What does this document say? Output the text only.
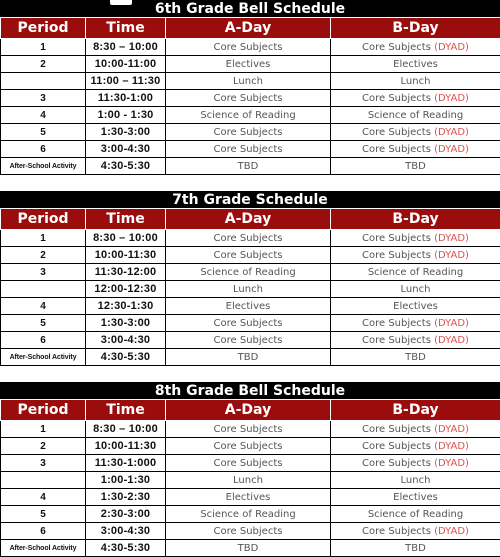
6th Grade Bell Schedule
Period	Time	A-Day	B-Day
1	8:30 – 10:00	Core Subjects	Core Subjects (DYAD)
2	10:00-11:00	Electives	Electives
	11:00 – 11:30	Lunch	Lunch
3	11:30-1:00	Core Subjects	Core Subjects (DYAD)
4	1:00 - 1:30	Science of Reading	Science of Reading
5	1:30-3:00	Core Subjects	Core Subjects (DYAD)
6	3:00-4:30	Core Subjects	Core Subjects (DYAD)
After-School Activity	4:30-5:30	TBD	TBD
7th Grade Schedule
Period	Time	A-Day	B-Day
1	8:30 – 10:00	Core Subjects	Core Subjects (DYAD)
2	10:00-11:30	Core Subjects	Core Subjects (DYAD)
3	11:30-12:00	Science of Reading	Science of Reading
	12:00-12:30	Lunch	Lunch
4	12:30-1:30	Electives	Electives
5	1:30-3:00	Core Subjects	Core Subjects (DYAD)
6	3:00-4:30	Core Subjects	Core Subjects (DYAD)
After-School Activity	4:30-5:30	TBD	TBD
8th Grade Bell Schedule
Period	Time	A-Day	B-Day
1	8:30 – 10:00	Core Subjects	Core Subjects (DYAD)
2	10:00-11:30	Core Subjects	Core Subjects (DYAD)
3	11:30-1:000	Core Subjects	Core Subjects (DYAD)
	1:00-1:30	Lunch	Lunch
4	1:30-2:30	Electives	Electives
5	2:30-3:00	Science of Reading	Science of Reading
6	3:00-4:30	Core Subjects	Core Subjects (DYAD)
After-School Activity	4:30-5:30	TBD	TBD
